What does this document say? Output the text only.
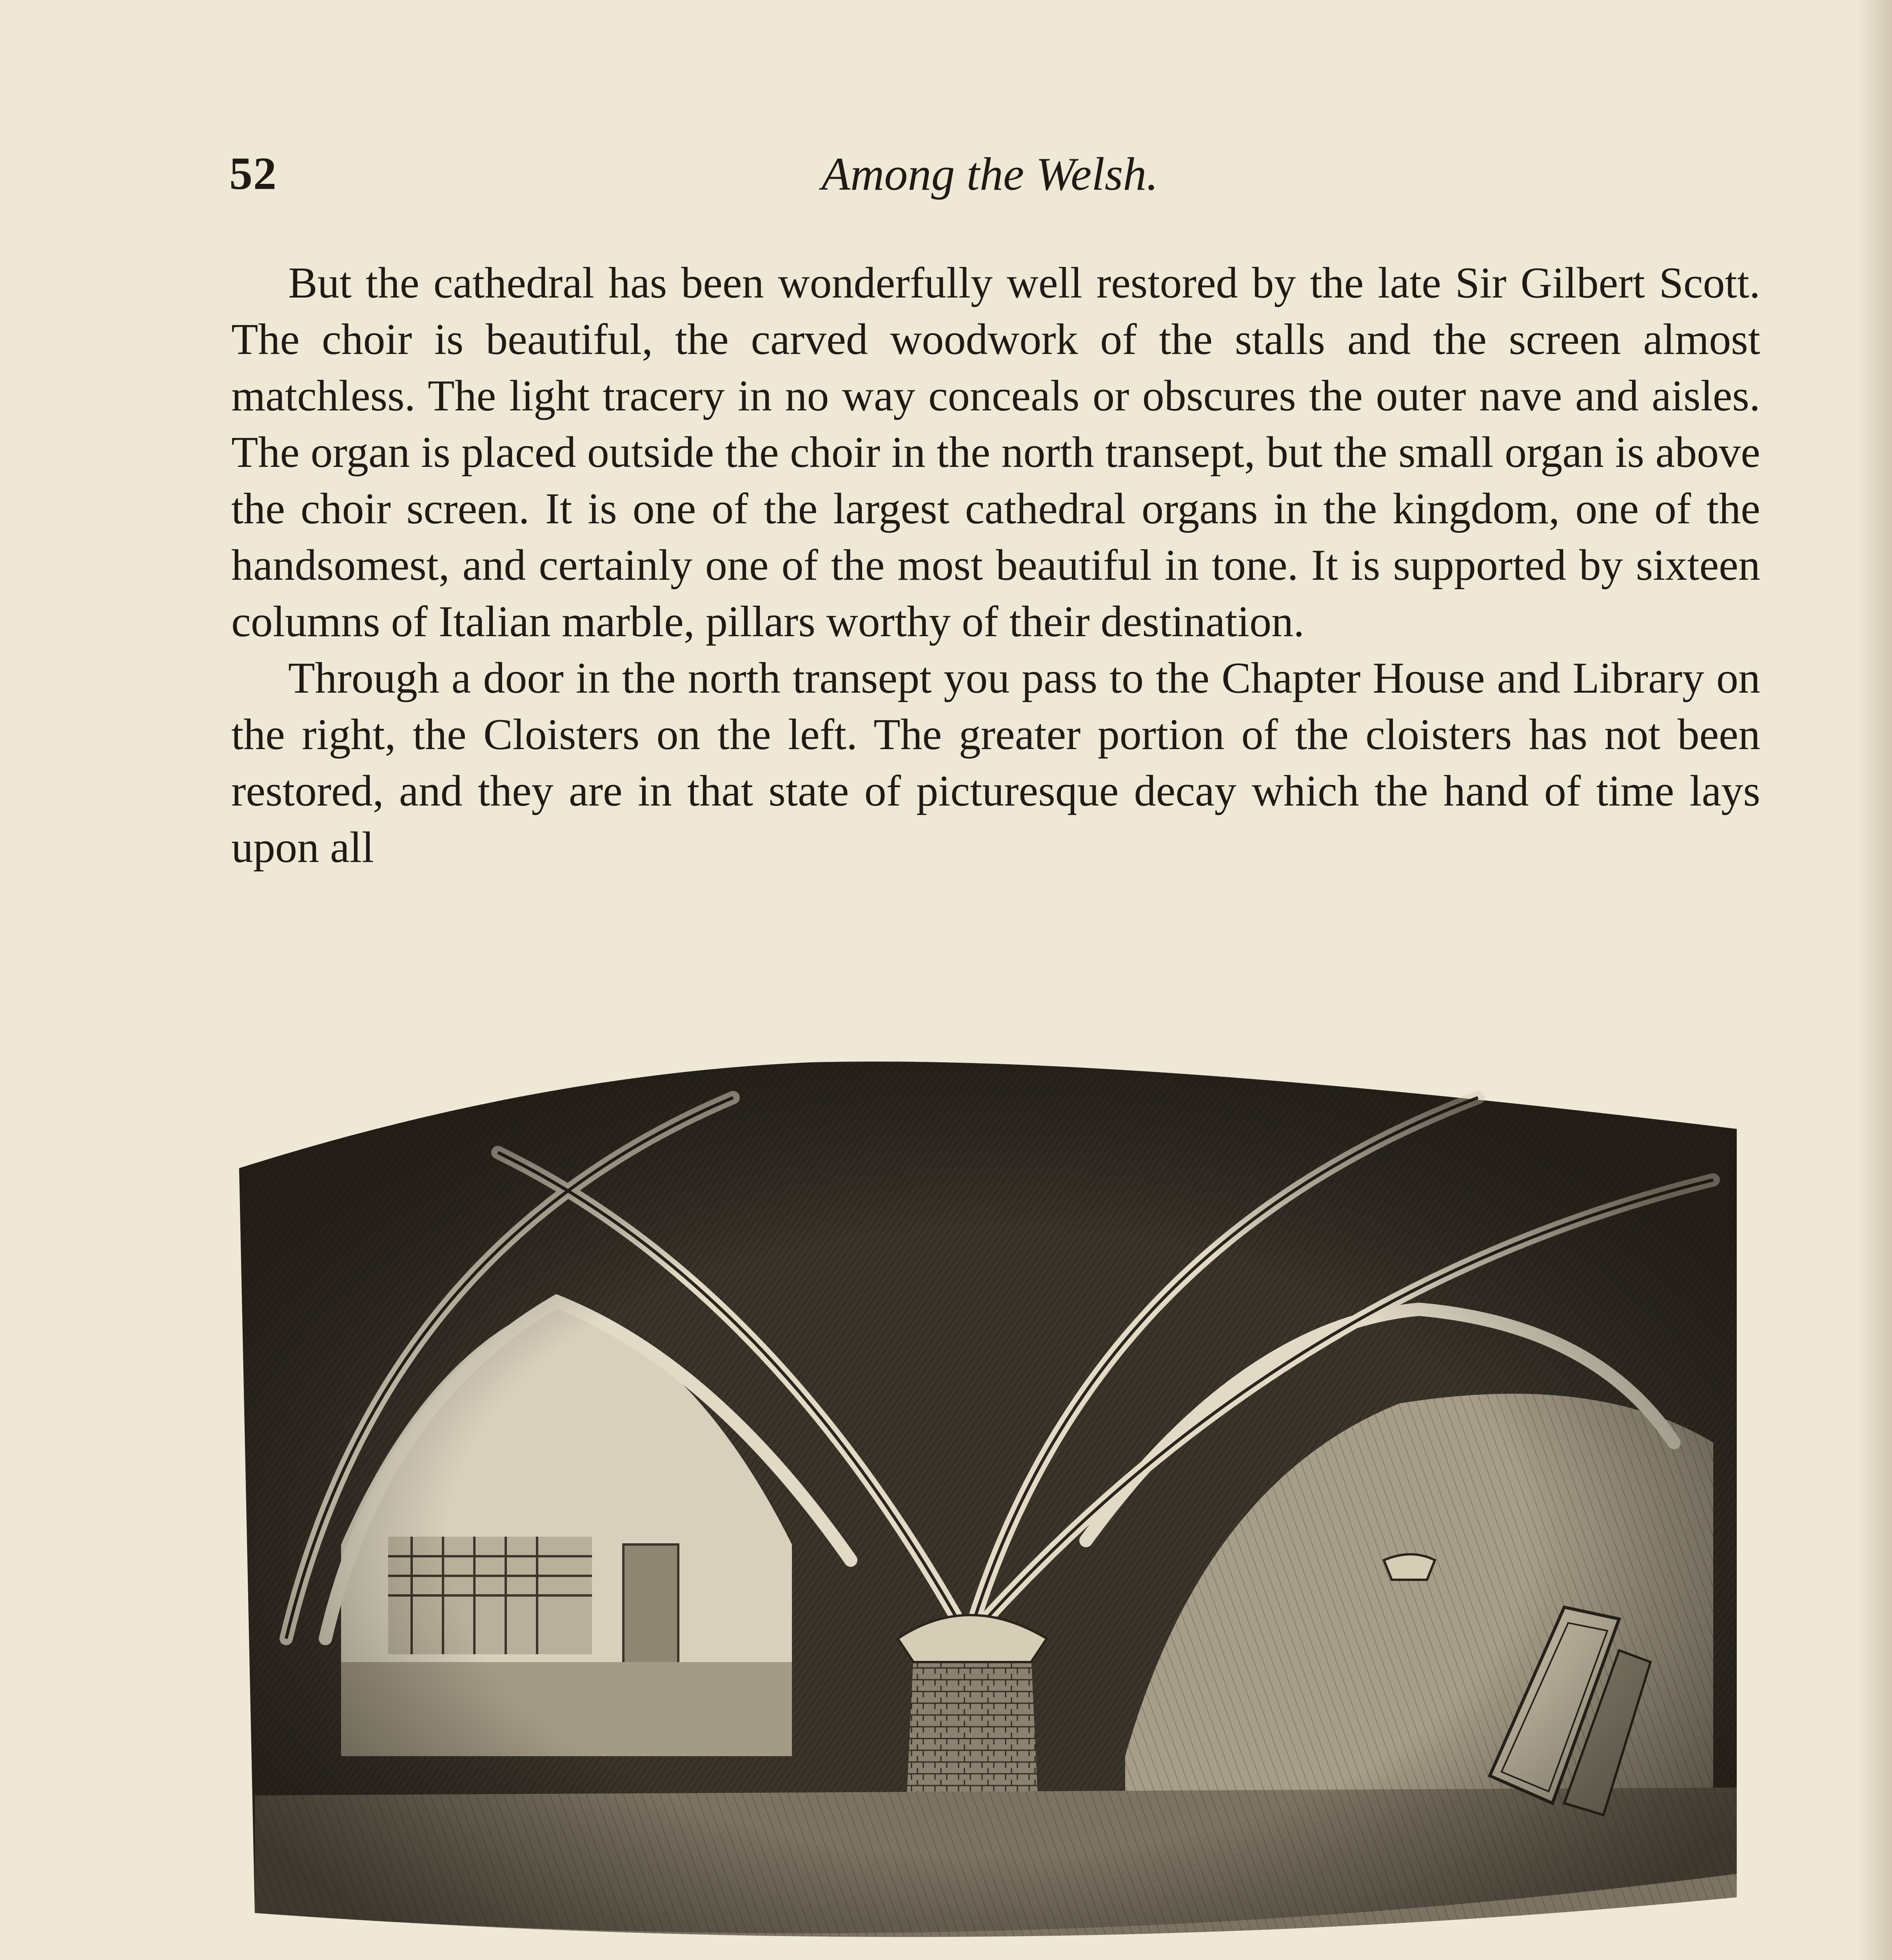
52	Among the Welsh.

But the cathedral has been wonderfully well restored by the late Sir Gilbert Scott. The choir is beautiful, the carved woodwork of the stalls and the screen almost matchless. The light tracery in no way conceals or obscures the outer nave and aisles. The organ is placed outside the choir in the north transept, but the small organ is above the choir screen. It is one of the largest cathedral organs in the kingdom, one of the handsomest, and certainly one of the most beautiful in tone. It is supported by sixteen columns of Italian marble, pillars worthy of their destination.

Through a door in the north transept you pass to the Chapter House and Library on the right, the Cloisters on the left. The greater portion of the cloisters has not been restored, and they are in that state of picturesque decay which the hand of time lays upon all
